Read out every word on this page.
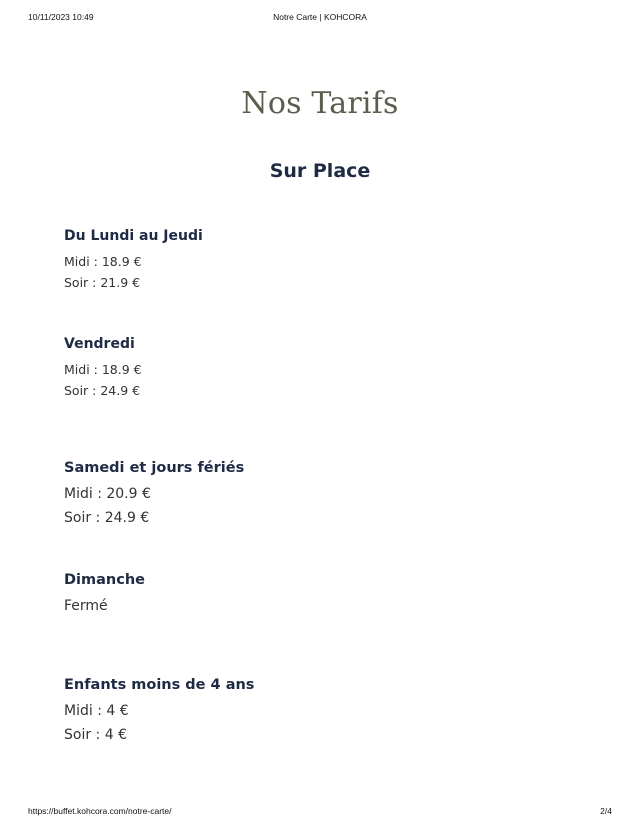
10/11/2023 10:49	Notre Carte | KOHCORA
Nos Tarifs
Sur Place
Du Lundi au Jeudi
Midi : 18.9 €
Soir : 21.9 €
Vendredi
Midi : 18.9 €
Soir : 24.9 €
Samedi et jours fériés
Midi : 20.9 €
Soir : 24.9 €
Dimanche
Fermé
Enfants moins de 4 ans
Midi : 4 €
Soir : 4 €
https://buffet.kohcora.com/notre-carte/	2/4
